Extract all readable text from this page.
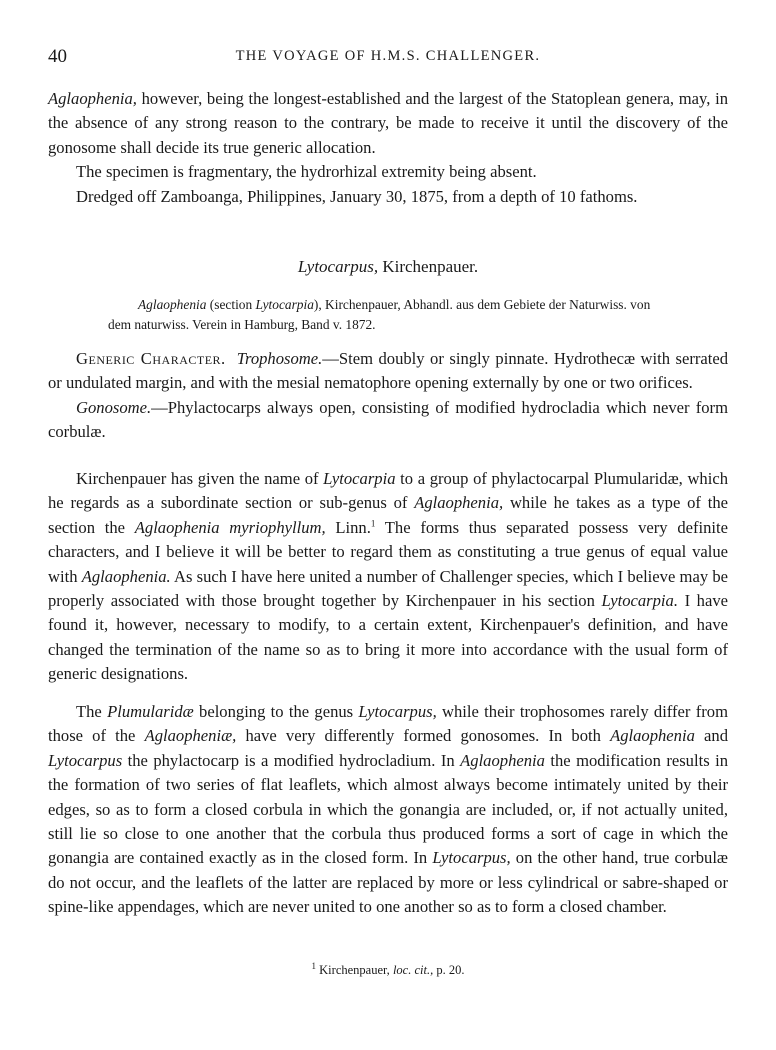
40	THE VOYAGE OF H.M.S. CHALLENGER.

Aglaophenia, however, being the longest-established and the largest of the Statoplean genera, may, in the absence of any strong reason to the contrary, be made to receive it until the discovery of the gonosome shall decide its true generic allocation.

The specimen is fragmentary, the hydrorhizal extremity being absent.

Dredged off Zamboanga, Philippines, January 30, 1875, from a depth of 10 fathoms.

Lytocarpus, Kirchenpauer.

Aglaophenia (section Lytocarpia), Kirchenpauer, Abhandl. aus dem Gebiete der Naturwiss. von
dem naturwiss. Verein in Hamburg, Band v. 1872.

Generic Character. Trophosome.—Stem doubly or singly pinnate. Hydrothecæ with serrated or undulated margin, and with the mesial nematophore opening externally by one or two orifices.

Gonosome.—Phylactocarps always open, consisting of modified hydrocladia which never form corbulæ.

Kirchenpauer has given the name of Lytocarpia to a group of phylactocarpal Plumularidæ, which he regards as a subordinate section or sub-genus of Aglaophenia, while he takes as a type of the section the Aglaophenia myriophyllum, Linn.$^1$ The forms thus separated possess very definite characters, and I believe it will be better to regard them as constituting a true genus of equal value with Aglaophenia. As such I have here united a number of Challenger species, which I believe may be properly associated with those brought together by Kirchenpauer in his section Lytocarpia. I have found it, however, necessary to modify, to a certain extent, Kirchenpauer's definition, and have changed the termination of the name so as to bring it more into accordance with the usual form of generic designations.

The Plumularidæ belonging to the genus Lytocarpus, while their trophosomes rarely differ from those of the Aglaopheniæ, have very differently formed gonosomes. In both Aglaophenia and Lytocarpus the phylactocarp is a modified hydrocladium. In Aglaophenia the modification results in the formation of two series of flat leaflets, which almost always become intimately united by their edges, so as to form a closed corbula in which the gonangia are included, or, if not actually united, still lie so close to one another that the corbula thus produced forms a sort of cage in which the gonangia are contained exactly as in the closed form. In Lytocarpus, on the other hand, true corbulæ do not occur, and the leaflets of the latter are replaced by more or less cylindrical or sabre-shaped or spine-like appendages, which are never united to one another so as to form a closed chamber.

$^1$ Kirchenpauer, loc. cit., p. 20.
